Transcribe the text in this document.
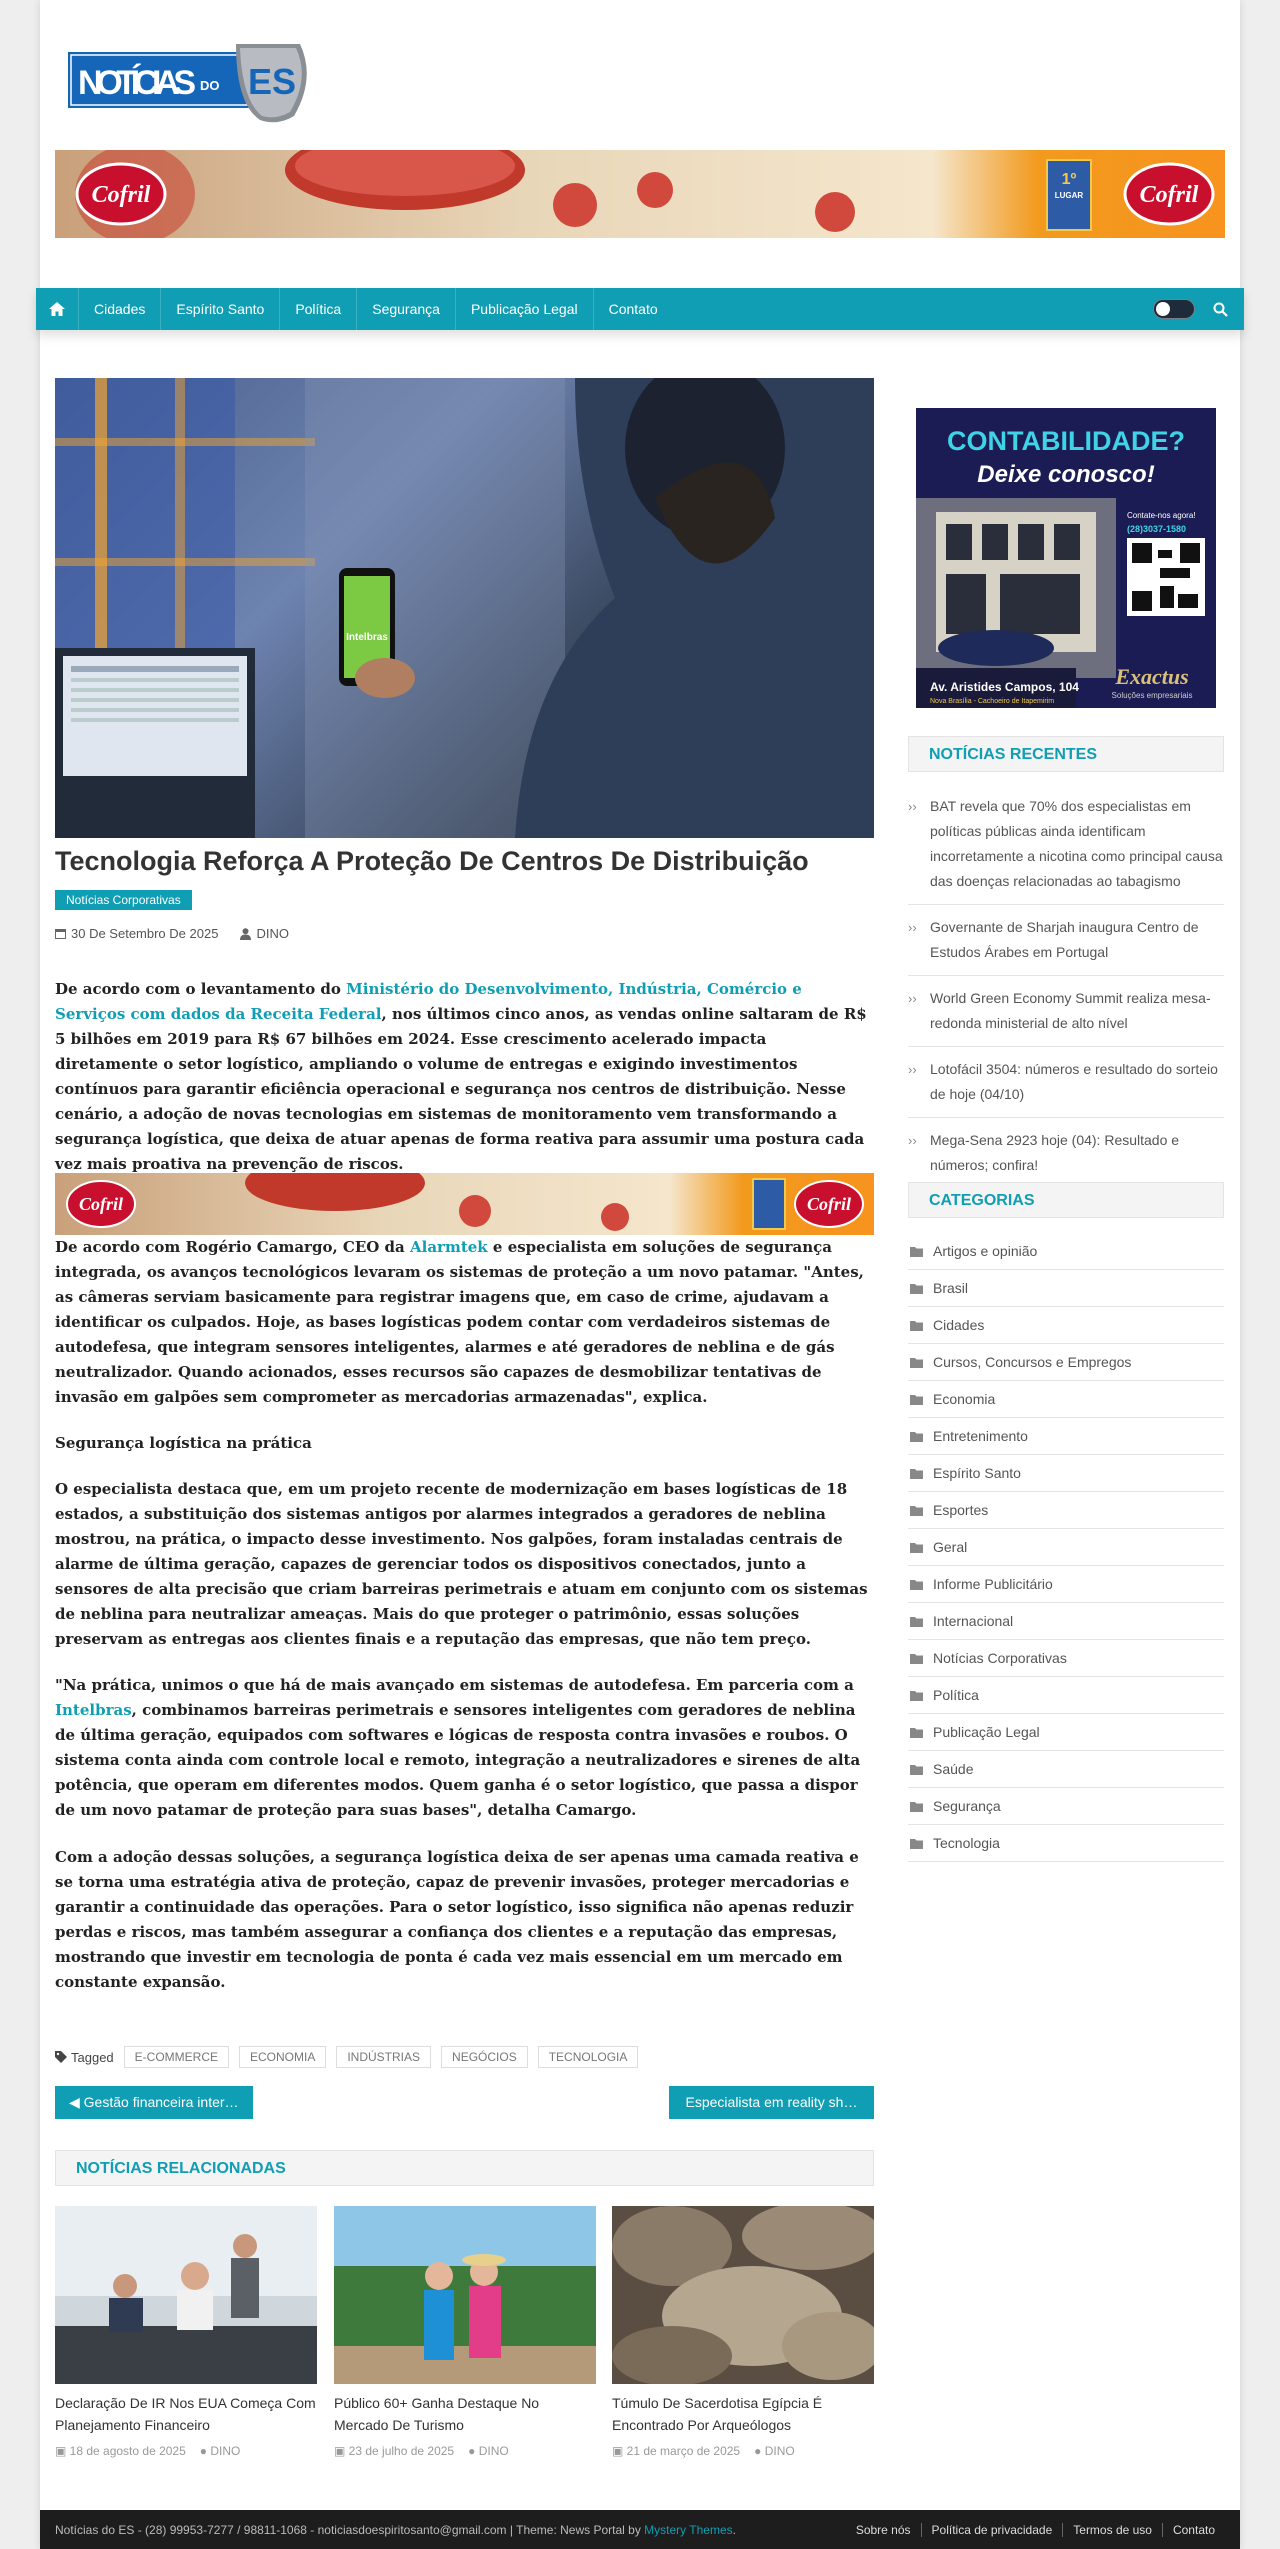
NOTÍCIAS DO ES
Cofril
1º
LUGAR Cofril
Cidades	Espírito Santo	Política	Segurança	Publicação Legal	Contato
Intelbras
Tecnologia Reforça A Proteção De Centros De Distribuição
Notícias Corporativas
30 De Setembro De 2025	DINO
De acordo com o levantamento do Ministério do Desenvolvimento, Indústria, Comércio e Serviços com dados da Receita Federal, nos últimos cinco anos, as vendas online saltaram de R$ 5 bilhões em 2019 para R$ 67 bilhões em 2024. Esse crescimento acelerado impacta diretamente o setor logístico, ampliando o volume de entregas e exigindo investimentos contínuos para garantir eficiência operacional e segurança nos centros de distribuição. Nesse cenário, a adoção de novas tecnologias em sistemas de monitoramento vem transformando a segurança logística, que deixa de atuar apenas de forma reativa para assumir uma postura cada vez mais proativa na prevenção de riscos.
Cofril	Cofril
De acordo com Rogério Camargo, CEO da Alarmtek e especialista em soluções de segurança integrada, os avanços tecnológicos levaram os sistemas de proteção a um novo patamar. "Antes, as câmeras serviam basicamente para registrar imagens que, em caso de crime, ajudavam a identificar os culpados. Hoje, as bases logísticas podem contar com verdadeiros sistemas de autodefesa, que integram sensores inteligentes, alarmes e até geradores de neblina e de gás neutralizador. Quando acionados, esses recursos são capazes de desmobilizar tentativas de invasão em galpões sem comprometer as mercadorias armazenadas", explica.
Segurança logística na prática
O especialista destaca que, em um projeto recente de modernização em bases logísticas de 18 estados, a substituição dos sistemas antigos por alarmes integrados a geradores de neblina mostrou, na prática, o impacto desse investimento. Nos galpões, foram instaladas centrais de alarme de última geração, capazes de gerenciar todos os dispositivos conectados, junto a sensores de alta precisão que criam barreiras perimetrais e atuam em conjunto com os sistemas de neblina para neutralizar ameaças. Mais do que proteger o patrimônio, essas soluções preservam as entregas aos clientes finais e a reputação das empresas, que não tem preço.
"Na prática, unimos o que há de mais avançado em sistemas de autodefesa. Em parceria com a Intelbras, combinamos barreiras perimetrais e sensores inteligentes com geradores de neblina de última geração, equipados com softwares e lógicas de resposta contra invasões e roubos. O sistema conta ainda com controle local e remoto, integração a neutralizadores e sirenes de alta potência, que operam em diferentes modos. Quem ganha é o setor logístico, que passa a dispor de um novo patamar de proteção para suas bases", detalha Camargo.
Com a adoção dessas soluções, a segurança logística deixa de ser apenas uma camada reativa e se torna uma estratégia ativa de proteção, capaz de prevenir invasões, proteger mercadorias e garantir a continuidade das operações. Para o setor logístico, isso significa não apenas reduzir perdas e riscos, mas também assegurar a confiança dos clientes e a reputação das empresas, mostrando que investir em tecnologia de ponta é cada vez mais essencial em um mercado em constante expansão.
Tagged	E-COMMERCE	ECONOMIA	INDÚSTRIAS	NEGÓCIOS	TECNOLOGIA
◀ Gestão financeira inter…	Especialista em reality sh…
NOTÍCIAS RELACIONADAS
Declaração De IR Nos EUA Começa Com Planejamento Financeiro
▣ 18 de agosto de 2025 ● DINO
Público 60+ Ganha Destaque No Mercado De Turismo
▣ 23 de julho de 2025 ● DINO
Túmulo De Sacerdotisa Egípcia É Encontrado Por Arqueólogos
▣ 21 de março de 2025 ● DINO
CONTABILIDADE?
Deixe conosco!
Contate-nos agora!
(28)3037-1580
Av. Aristides Campos, 104
Nova Brasília - Cachoeiro de Itapemirim
Exactus
Soluções empresariais
NOTÍCIAS RECENTES
›› BAT revela que 70% dos especialistas em políticas públicas ainda identificam incorretamente a nicotina como principal causa das doenças relacionadas ao tabagismo
›› Governante de Sharjah inaugura Centro de Estudos Árabes em Portugal
›› World Green Economy Summit realiza mesa-redonda ministerial de alto nível
›› Lotofácil 3504: números e resultado do sorteio de hoje (04/10)
›› Mega-Sena 2923 hoje (04): Resultado e números; confira!
CATEGORIAS
Artigos e opinião
Brasil
Cidades
Cursos, Concursos e Empregos
Economia
Entretenimento
Espírito Santo
Esportes
Geral
Informe Publicitário
Internacional
Notícias Corporativas
Política
Publicação Legal
Saúde
Segurança
Tecnologia
Notícias do ES - (28) 99953-7277 / 98811-1068 - noticiasdoespiritosanto@gmail.com | Theme: News Portal by Mystery Themes.	Sobre nós	Política de privacidade	Termos de uso	Contato
